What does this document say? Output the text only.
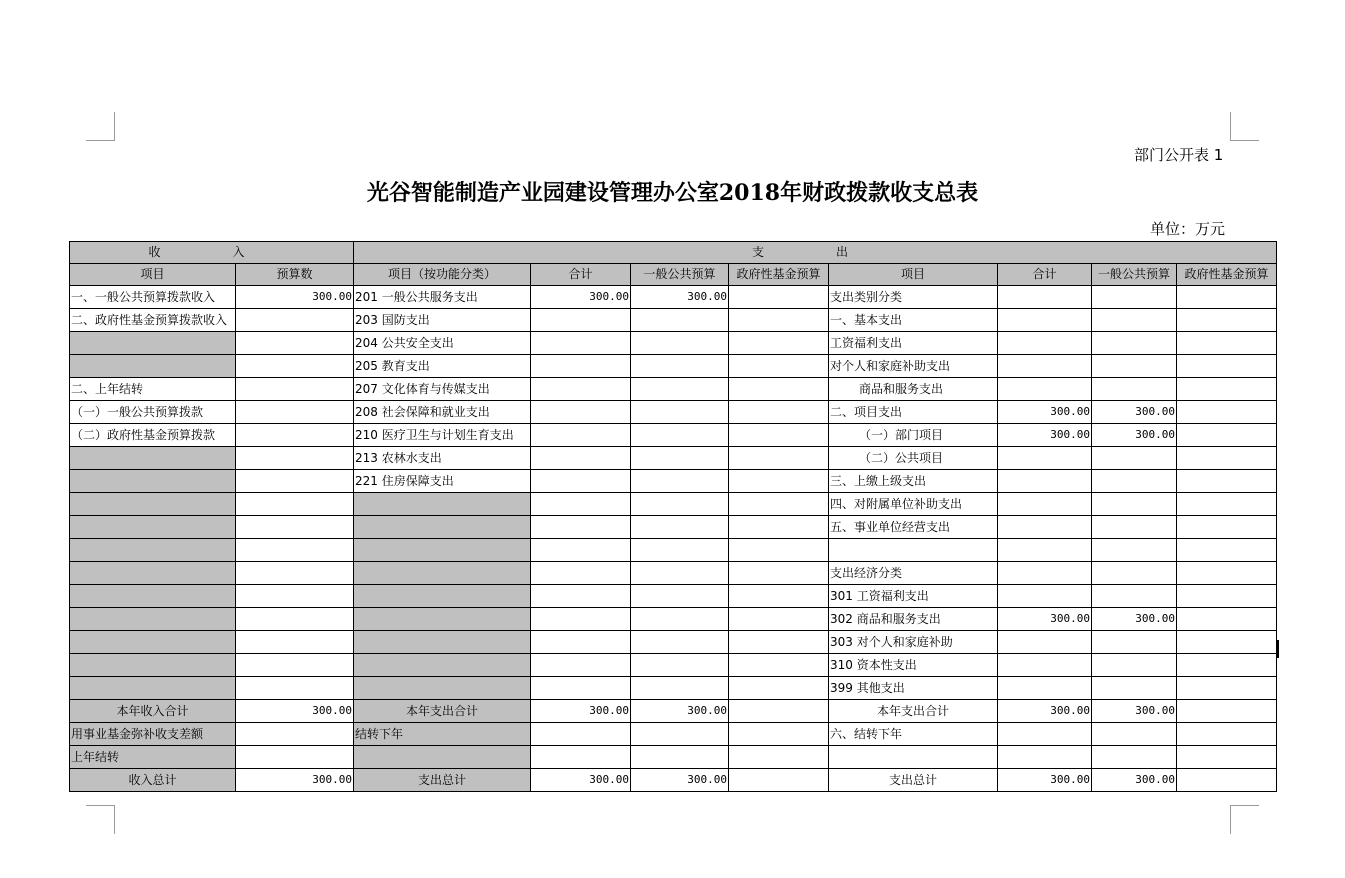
部门公开表 1
光谷智能制造产业园建设管理办公室2018年财政拨款收支总表
单位：万元
收　入		支　出							
项目	预算数	项目（按功能分类）	合计	一般公共预算	政府性基金预算	项目	合计	一般公共预算	政府性基金预算
一、一般公共预算拨款收入	300.00	201 一般公共服务支出	300.00	300.00		支出类别分类			
二、政府性基金预算拨款收入		203 国防支出				一、基本支出			
		204 公共安全支出				工资福利支出			
		205 教育支出				对个人和家庭补助支出			
二、上年结转		207 文化体育与传媒支出				商品和服务支出			
（一）一般公共预算拨款		208 社会保障和就业支出				二、项目支出	300.00	300.00	
（二）政府性基金预算拨款		210 医疗卫生与计划生育支出				（一）部门项目	300.00	300.00	
		213 农林水支出				（二）公共项目			
		221 住房保障支出				三、上缴上级支出			
						四、对附属单位补助支出			
						五、事业单位经营支出			

						支出经济分类			
						301 工资福利支出			
						302 商品和服务支出	300.00	300.00	
						303 对个人和家庭补助			
						310 资本性支出			
						399 其他支出			
本年收入合计	300.00	本年支出合计	300.00	300.00		本年支出合计	300.00	300.00	
用事业基金弥补收支差额		结转下年				六、结转下年			
上年结转									
收入总计	300.00	支出总计	300.00	300.00		支出总计	300.00	300.00	
